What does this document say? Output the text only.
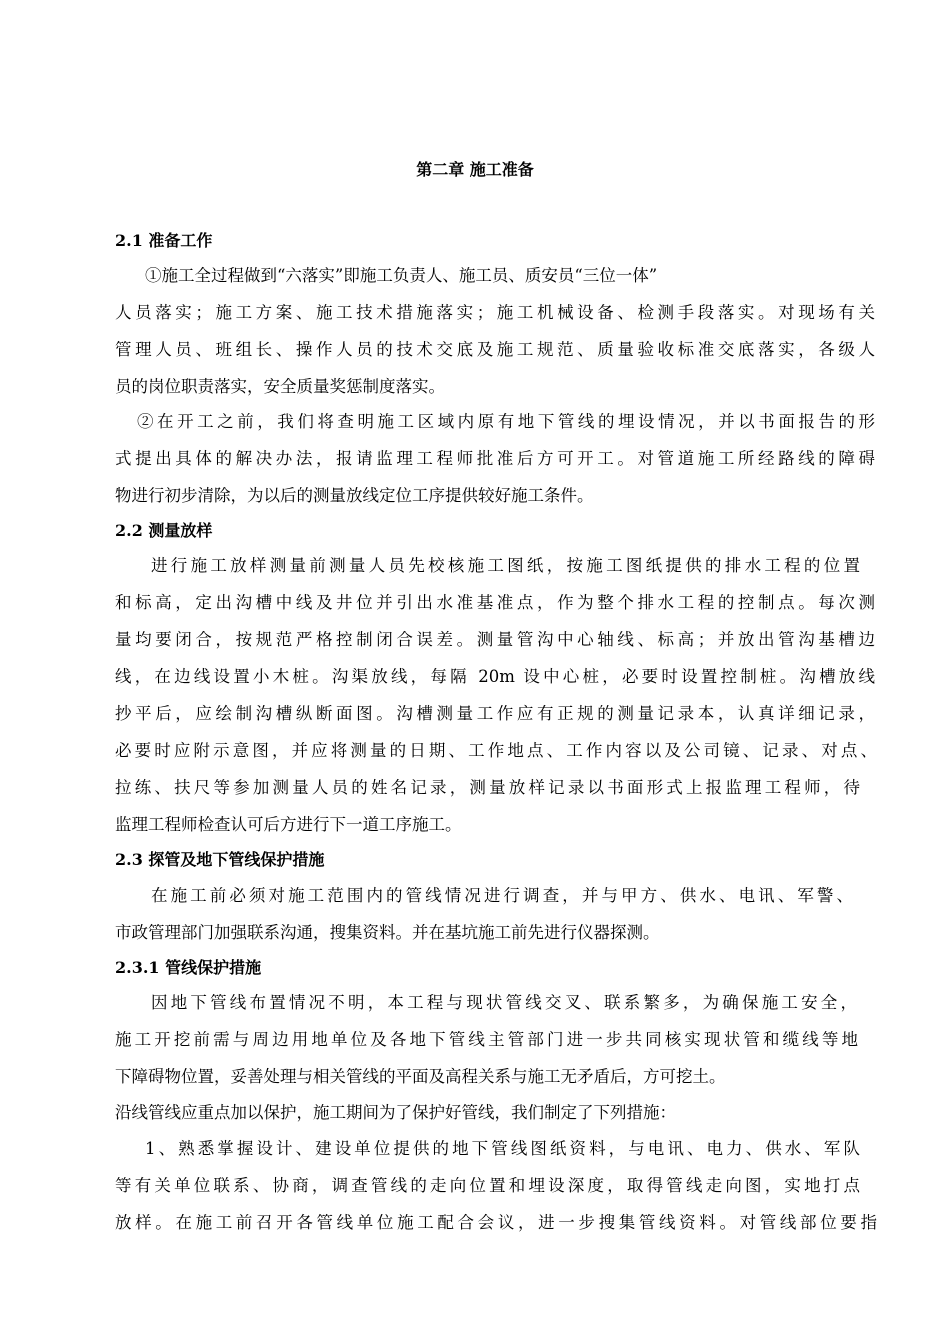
第二章 施工准备
2.1 准备工作
①施工全过程做到“六落实”即施工负责人、施工员、质安员“三位一体”
人员落实；施工方案、施工技术措施落实；施工机械设备、检测手段落实。对现场有关
管理人员、班组长、操作人员的技术交底及施工规范、质量验收标准交底落实，各级人
员的岗位职责落实，安全质量奖惩制度落实。
②在开工之前，我们将查明施工区域内原有地下管线的埋设情况，并以书面报告的形
式提出具体的解决办法，报请监理工程师批准后方可开工。对管道施工所经路线的障碍
物进行初步清除，为以后的测量放线定位工序提供较好施工条件。
2.2 测量放样
进行施工放样测量前测量人员先校核施工图纸，按施工图纸提供的排水工程的位置
和标高，定出沟槽中线及井位并引出水准基准点，作为整个排水工程的控制点。每次测
量均要闭合，按规范严格控制闭合误差。测量管沟中心轴线、标高；并放出管沟基槽边
线，在边线设置小木桩。沟渠放线，每隔 20m 设中心桩，必要时设置控制桩。沟槽放线
抄平后，应绘制沟槽纵断面图。沟槽测量工作应有正规的测量记录本，认真详细记录，
必要时应附示意图，并应将测量的日期、工作地点、工作内容以及公司镜、记录、对点、
拉练、扶尺等参加测量人员的姓名记录，测量放样记录以书面形式上报监理工程师，待
监理工程师检查认可后方进行下一道工序施工。
2.3 探管及地下管线保护措施
在施工前必须对施工范围内的管线情况进行调查，并与甲方、供水、电讯、军警、
市政管理部门加强联系沟通，搜集资料。并在基坑施工前先进行仪器探测。
2.3.1 管线保护措施
因地下管线布置情况不明，本工程与现状管线交叉、联系繁多，为确保施工安全，
施工开挖前需与周边用地单位及各地下管线主管部门进一步共同核实现状管和缆线等地
下障碍物位置，妥善处理与相关管线的平面及高程关系与施工无矛盾后，方可挖土。
沿线管线应重点加以保护，施工期间为了保护好管线，我们制定了下列措施：
1、熟悉掌握设计、建设单位提供的地下管线图纸资料，与电讯、电力、供水、军队
等有关单位联系、协商，调查管线的走向位置和埋设深度，取得管线走向图，实地打点
放样。在施工前召开各管线单位施工配合会议，进一步搜集管线资料。对管线部位要指
